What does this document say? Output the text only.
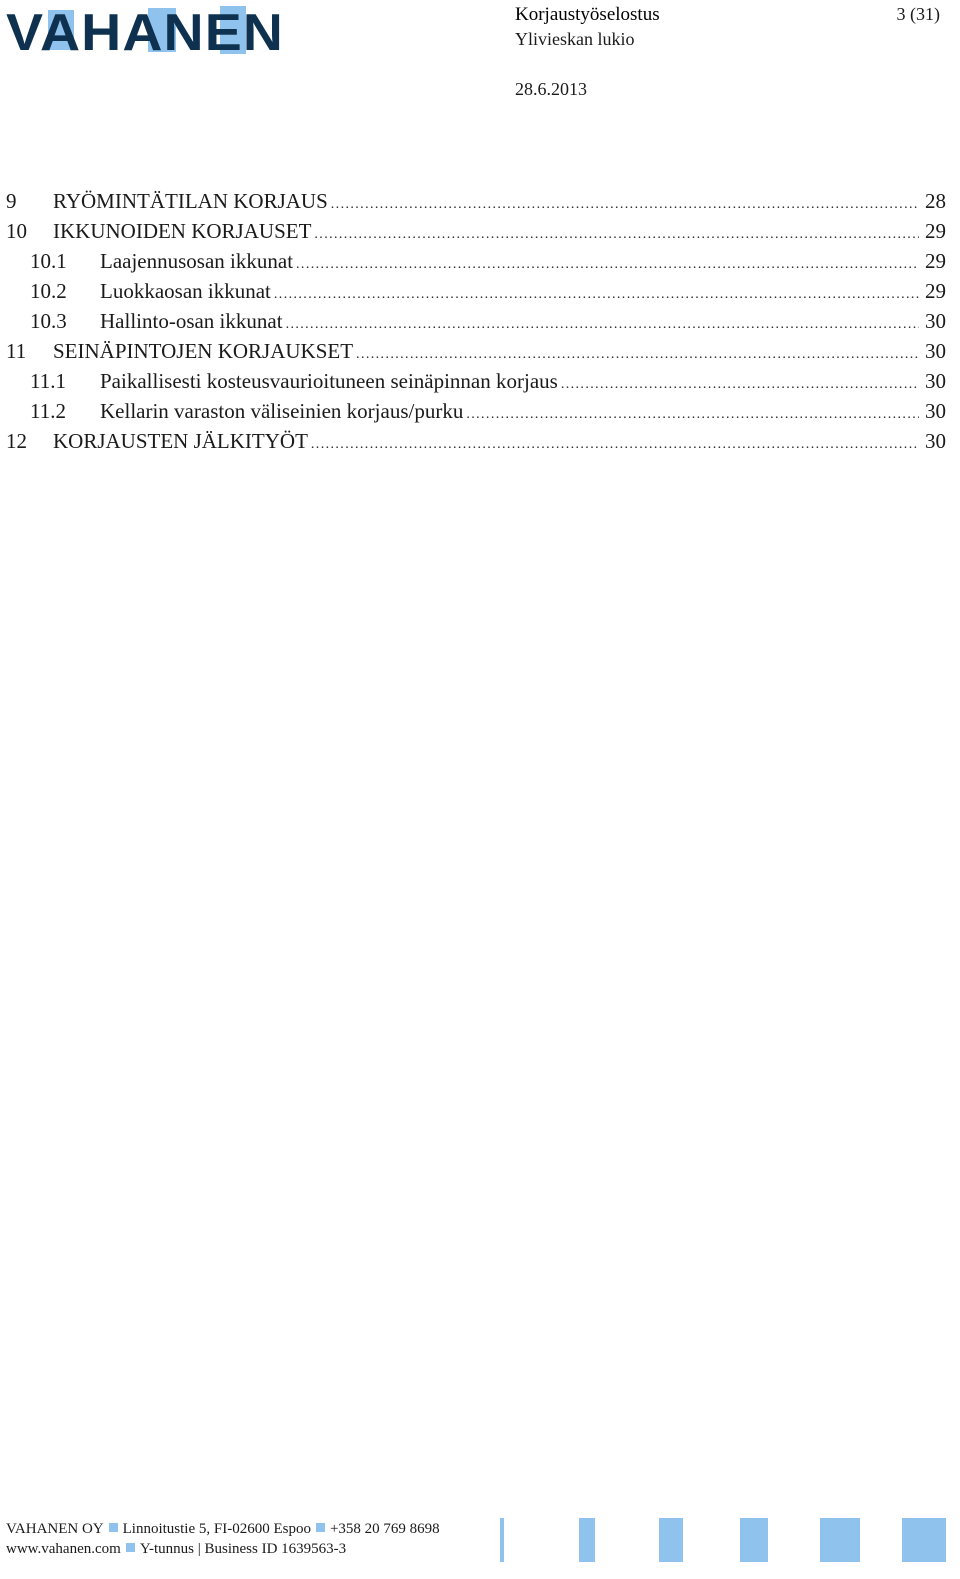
VAHANEN	Korjaustyöselostus
Ylivieskan lukio
3 (31)
28.6.2013
9	RYÖMINTÄTILAN KORJAUS .....	28
10	IKKUNOIDEN KORJAUSET .....	29
10.1	Laajennusosan ikkunat .....	29
10.2	Luokkaosan ikkunat .....	29
10.3	Hallinto-osan ikkunat .....	30
11	SEINÄPINTOJEN KORJAUKSET .....	30
11.1	Paikallisesti kosteusvaurioituneen seinäpinnan korjaus .....	30
11.2	Kellarin varaston väliseinien korjaus/purku .....	30
12	KORJAUSTEN JÄLKITYÖT .....	30
VAHANEN OY Linnoitustie 5, FI-02600 Espoo +358 20 769 8698
www.vahanen.com Y-tunnus | Business ID 1639563-3
